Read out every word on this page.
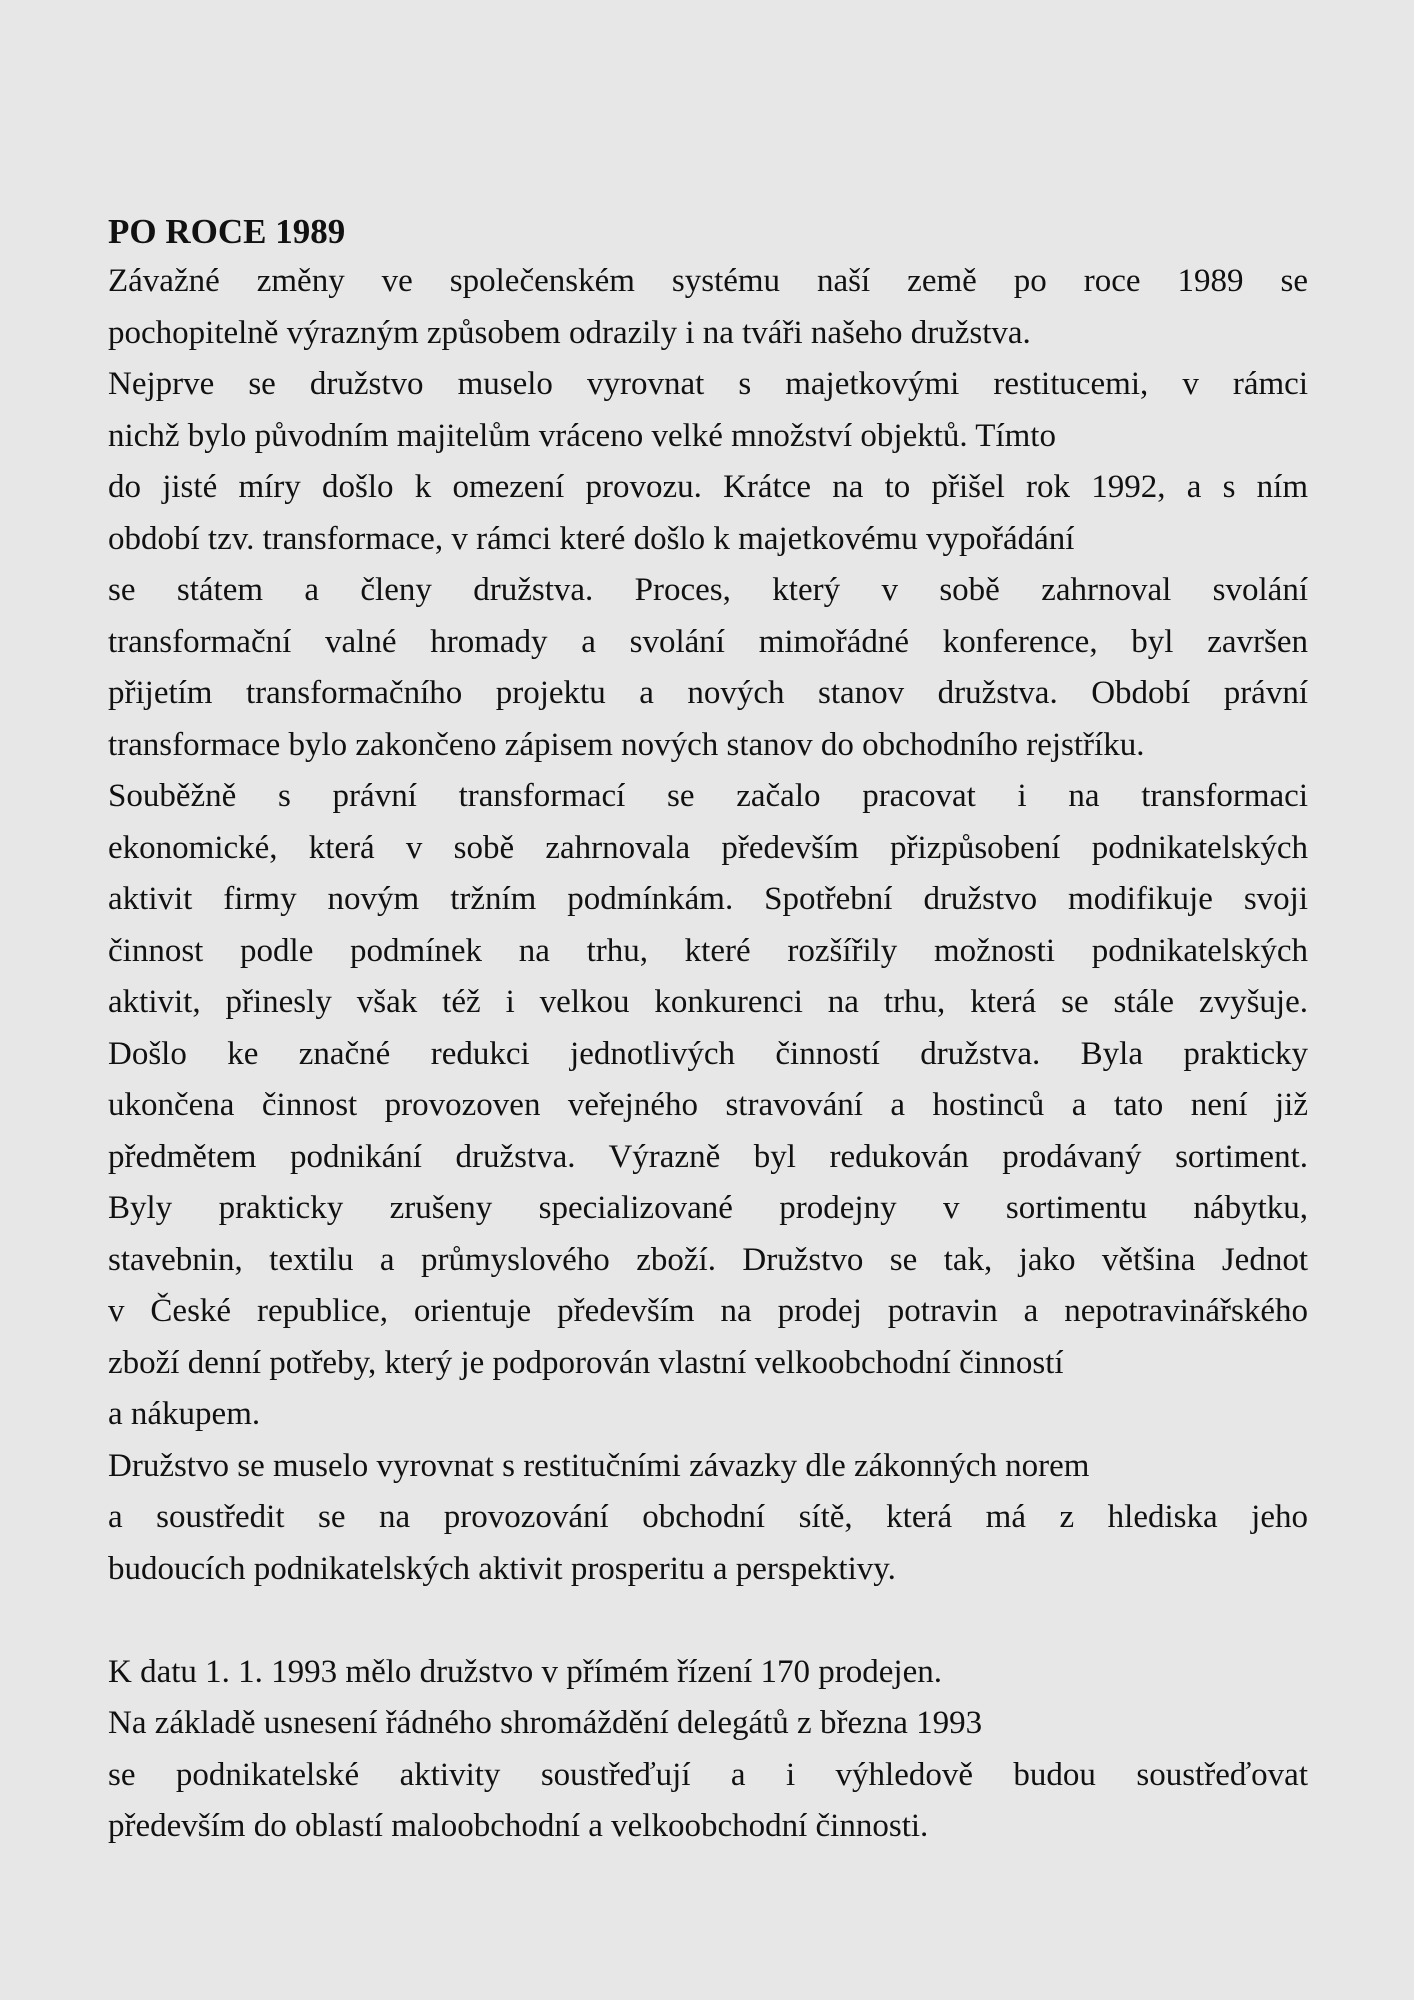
PO ROCE 1989
Závažné změny ve společenském systému naší země po roce 1989 se
pochopitelně výrazným způsobem odrazily i na tváři našeho družstva.
Nejprve se družstvo muselo vyrovnat s majetkovými restitucemi, v rámci
nichž bylo původním majitelům vráceno velké množství objektů. Tímto
do jisté míry došlo k omezení provozu. Krátce na to přišel rok 1992, a s ním
období tzv. transformace, v rámci které došlo k majetkovému vypořádání
se státem a členy družstva. Proces, který v sobě zahrnoval svolání
transformační valné hromady a svolání mimořádné konference, byl završen
přijetím transformačního projektu a nových stanov družstva. Období právní
transformace bylo zakončeno zápisem nových stanov do obchodního rejstříku.
Souběžně s právní transformací se začalo pracovat i na transformaci
ekonomické, která v sobě zahrnovala především přizpůsobení podnikatelských
aktivit firmy novým tržním podmínkám. Spotřební družstvo modifikuje svoji
činnost podle podmínek na trhu, které rozšířily možnosti podnikatelských
aktivit, přinesly však též i velkou konkurenci na trhu, která se stále zvyšuje.
Došlo ke značné redukci jednotlivých činností družstva. Byla prakticky
ukončena činnost provozoven veřejného stravování a hostinců a tato není již
předmětem podnikání družstva. Výrazně byl redukován prodávaný sortiment.
Byly prakticky zrušeny specializované prodejny v sortimentu nábytku,
stavebnin, textilu a průmyslového zboží. Družstvo se tak, jako většina Jednot
v České republice, orientuje především na prodej potravin a nepotravinářského
zboží denní potřeby, který je podporován vlastní velkoobchodní činností
a nákupem.
Družstvo se muselo vyrovnat s restitučními závazky dle zákonných norem
a soustředit se na provozování obchodní sítě, která má z hlediska jeho
budoucích podnikatelských aktivit prosperitu a perspektivy.
K datu 1. 1. 1993 mělo družstvo v přímém řízení 170 prodejen.
Na základě usnesení řádného shromáždění delegátů z března 1993
se podnikatelské aktivity soustřeďují a i výhledově budou soustřeďovat
především do oblastí maloobchodní a velkoobchodní činnosti.
